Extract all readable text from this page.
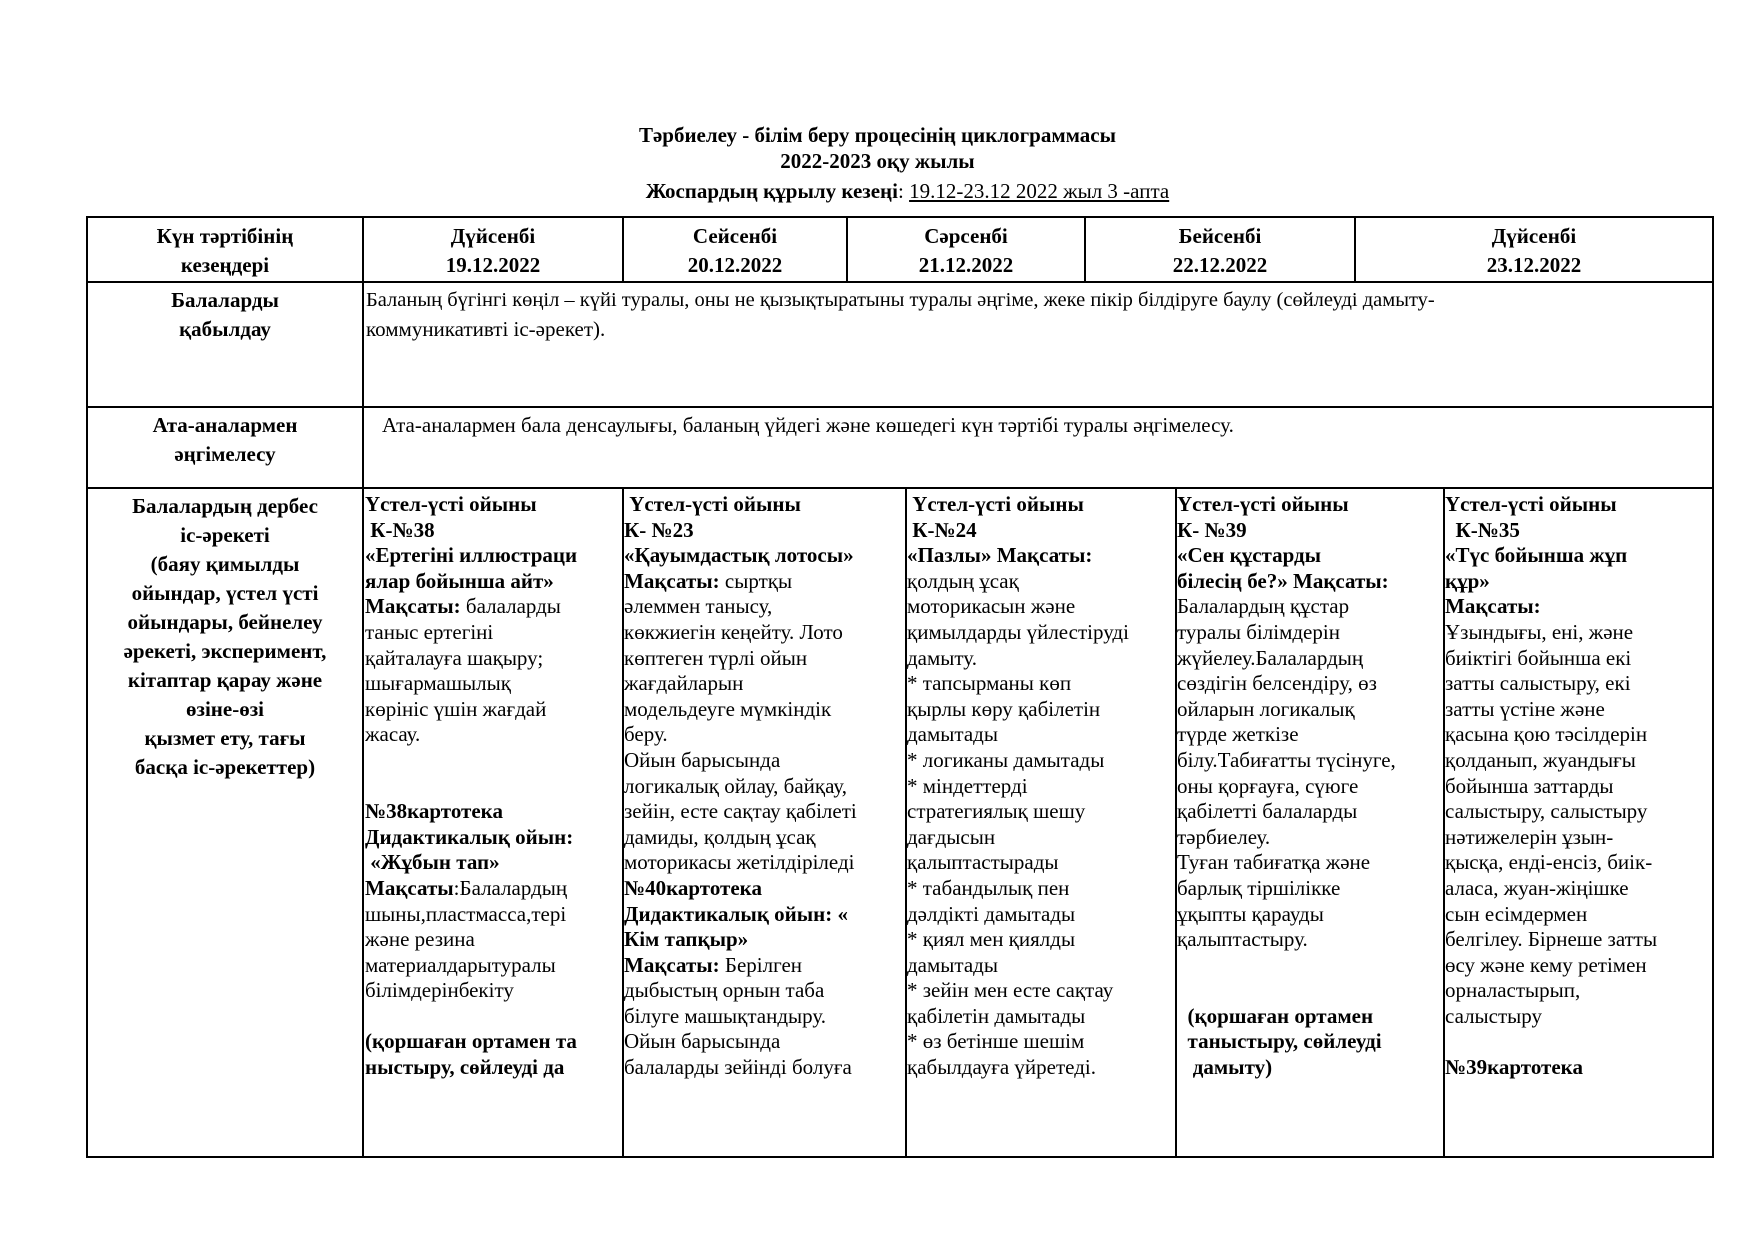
Тәрбиелеу - білім беру процесінің циклограммасы
2022-2023 оқу жылы
Жоспардың құрылу кезеңі: 19.12-23.12 2022 жыл 3 -апта
Күн тәртібінің
кезеңдері
Дүйсенбі
19.12.2022
Сейсенбі
20.12.2022
Сәрсенбі
21.12.2022
Бейсенбі
22.12.2022
Дүйсенбі
23.12.2022
Балаларды
қабылдау
Баланың бүгінгі көңіл – күйі туралы, оны не қызықтыратыны туралы әңгіме, жеке пікір білдіруге баулу (сөйлеуді дамыту-
коммуникативті іс-әрекет).
Ата-аналармен
әңгімелесу
Ата-аналармен бала денсаулығы, баланың үйдегі және көшедегі күн тәртібі туралы әңгімелесу.
Балалардың дербес
іс-әрекеті
(баяу қимылды
ойындар, үстел үсті
ойындары, бейнелеу
әрекеті, эксперимент,
кітаптар қарау және
өзіне-өзі
қызмет ету, тағы
басқа іс-әрекеттер)
Үстел-үсті ойыны
К-№38
«Ертегіні иллюстраци
ялар бойынша айт»
Мақсаты: балаларды
таныс ертегіні
қайталауға шақыру;
шығармашылық
көрініс үшін жағдай
жасау.

№38картотека
Дидактикалық ойын:
«Жұбын тап»
Мақсаты:Балалардың
шыны,пластмасса,тері
және резина
материалдарытуралы
білімдерінбекіту

(қоршаған ортамен та
ныстыру, сөйлеуді да
Үстел-үсті ойыны
К- №23
«Қауымдастық лотосы»
Мақсаты: сыртқы
әлеммен танысу,
көкжиегін кеңейту. Лото
көптеген түрлі ойын
жағдайларын
модельдеуге мүмкіндік
беру.
Ойын барысында
логикалық ойлау, байқау,
зейін, есте сақтау қабілеті
дамиды, қолдың ұсақ
моторикасы жетілдіріледі
№40картотека
Дидактикалық ойын: «
Кім тапқыр»
Мақсаты: Берілген
дыбыстың орнын таба
білуге машықтандыру.
Ойын барысында
балаларды зейінді болуға
Үстел-үсті ойыны
К-№24
«Пазлы» Мақсаты:
қолдың ұсақ
моторикасын және
қимылдарды үйлестіруді
дамыту.
* тапсырманы көп
қырлы көру қабілетін
дамытады
* логиканы дамытады
* міндеттерді
стратегиялық шешу
дағдысын
қалыптастырады
* табандылық пен
дәлдікті дамытады
* қиял мен қиялды
дамытады
* зейін мен есте сақтау
қабілетін дамытады
* өз бетінше шешім
қабылдауға үйретеді.
Үстел-үсті ойыны
К- №39
«Сен құстарды
білесің бе?» Мақсаты:
Балалардың құстар
туралы білімдерін
жүйелеу.Балалардың
сөздігін белсендіру, өз
ойларын логикалық
түрде жеткізе
білу.Табиғатты түсінуге,
оны қорғауға, сүюге
қабілетті балаларды
тәрбиелеу.
Туған табиғатқа және
барлық тіршілікке
ұқыпты қарауды
қалыптастыру.

(қоршаған ортамен
таныстыру, сөйлеуді
дамыту)
Үстел-үсті ойыны
К-№35
«Түс бойынша жұп
құр»
Мақсаты:
Ұзындығы, ені, және
биіктігі бойынша екі
затты салыстыру, екі
затты үстіне және
қасына қою тәсілдерін
қолданып, жуандығы
бойынша заттарды
салыстыру, салыстыру
нәтижелерін ұзын-
қысқа, енді-енсіз, биік-
аласа, жуан-жіңішке
сын есімдермен
белгілеу. Бірнеше затты
өсу және кему ретімен
орналастырып,
салыстыру

№39картотека
